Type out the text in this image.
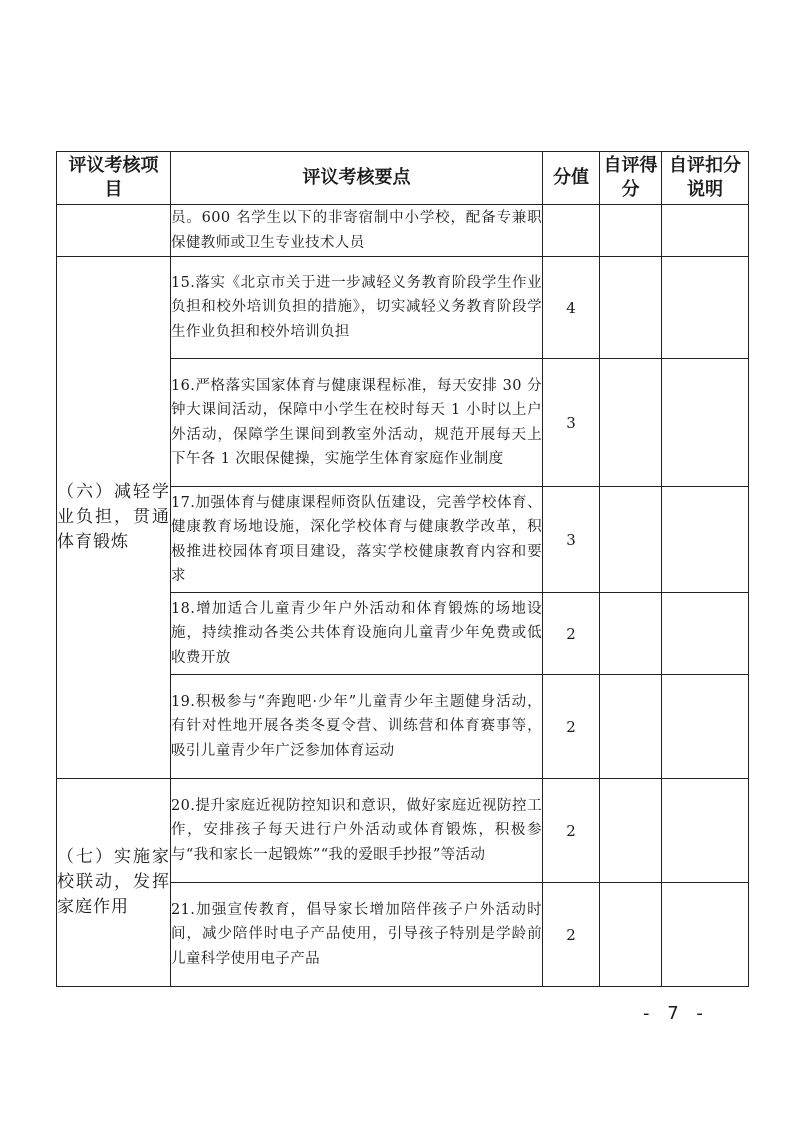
评议考核项 目	评议考核要点	分值	自评得分	自评扣分说明
	员。600 名学生以下的非寄宿制中小学校，配备专兼职保健教师或卫生专业技术人员			
（六）减轻学业负担，贯通体育锻炼	15.落实《北京市关于进一步减轻义务教育阶段学生作业负担和校外培训负担的措施》，切实减轻义务教育阶段学生作业负担和校外培训负担	4		
	16.严格落实国家体育与健康课程标准，每天安排 30 分钟大课间活动，保障中小学生在校时每天 1 小时以上户外活动，保障学生课间到教室外活动，规范开展每天上下午各 1 次眼保健操，实施学生体育家庭作业制度	3		
	17.加强体育与健康课程师资队伍建设，完善学校体育、健康教育场地设施，深化学校体育与健康教学改革，积极推进校园体育项目建设，落实学校健康教育内容和要求	3		
	18.增加适合儿童青少年户外活动和体育锻炼的场地设施，持续推动各类公共体育设施向儿童青少年免费或低收费开放	2		
	19.积极参与“奔跑吧·少年”儿童青少年主题健身活动，有针对性地开展各类冬夏令营、训练营和体育赛事等，吸引儿童青少年广泛参加体育运动	2		
（七）实施家校联动，发挥家庭作用	20.提升家庭近视防控知识和意识，做好家庭近视防控工作，安排孩子每天进行户外活动或体育锻炼，积极参与“我和家长一起锻炼”“我的爱眼手抄报”等活动	2		
	21.加强宣传教育，倡导家长增加陪伴孩子户外活动时间，减少陪伴时电子产品使用，引导孩子特别是学龄前儿童科学使用电子产品	2		
- 7 -
